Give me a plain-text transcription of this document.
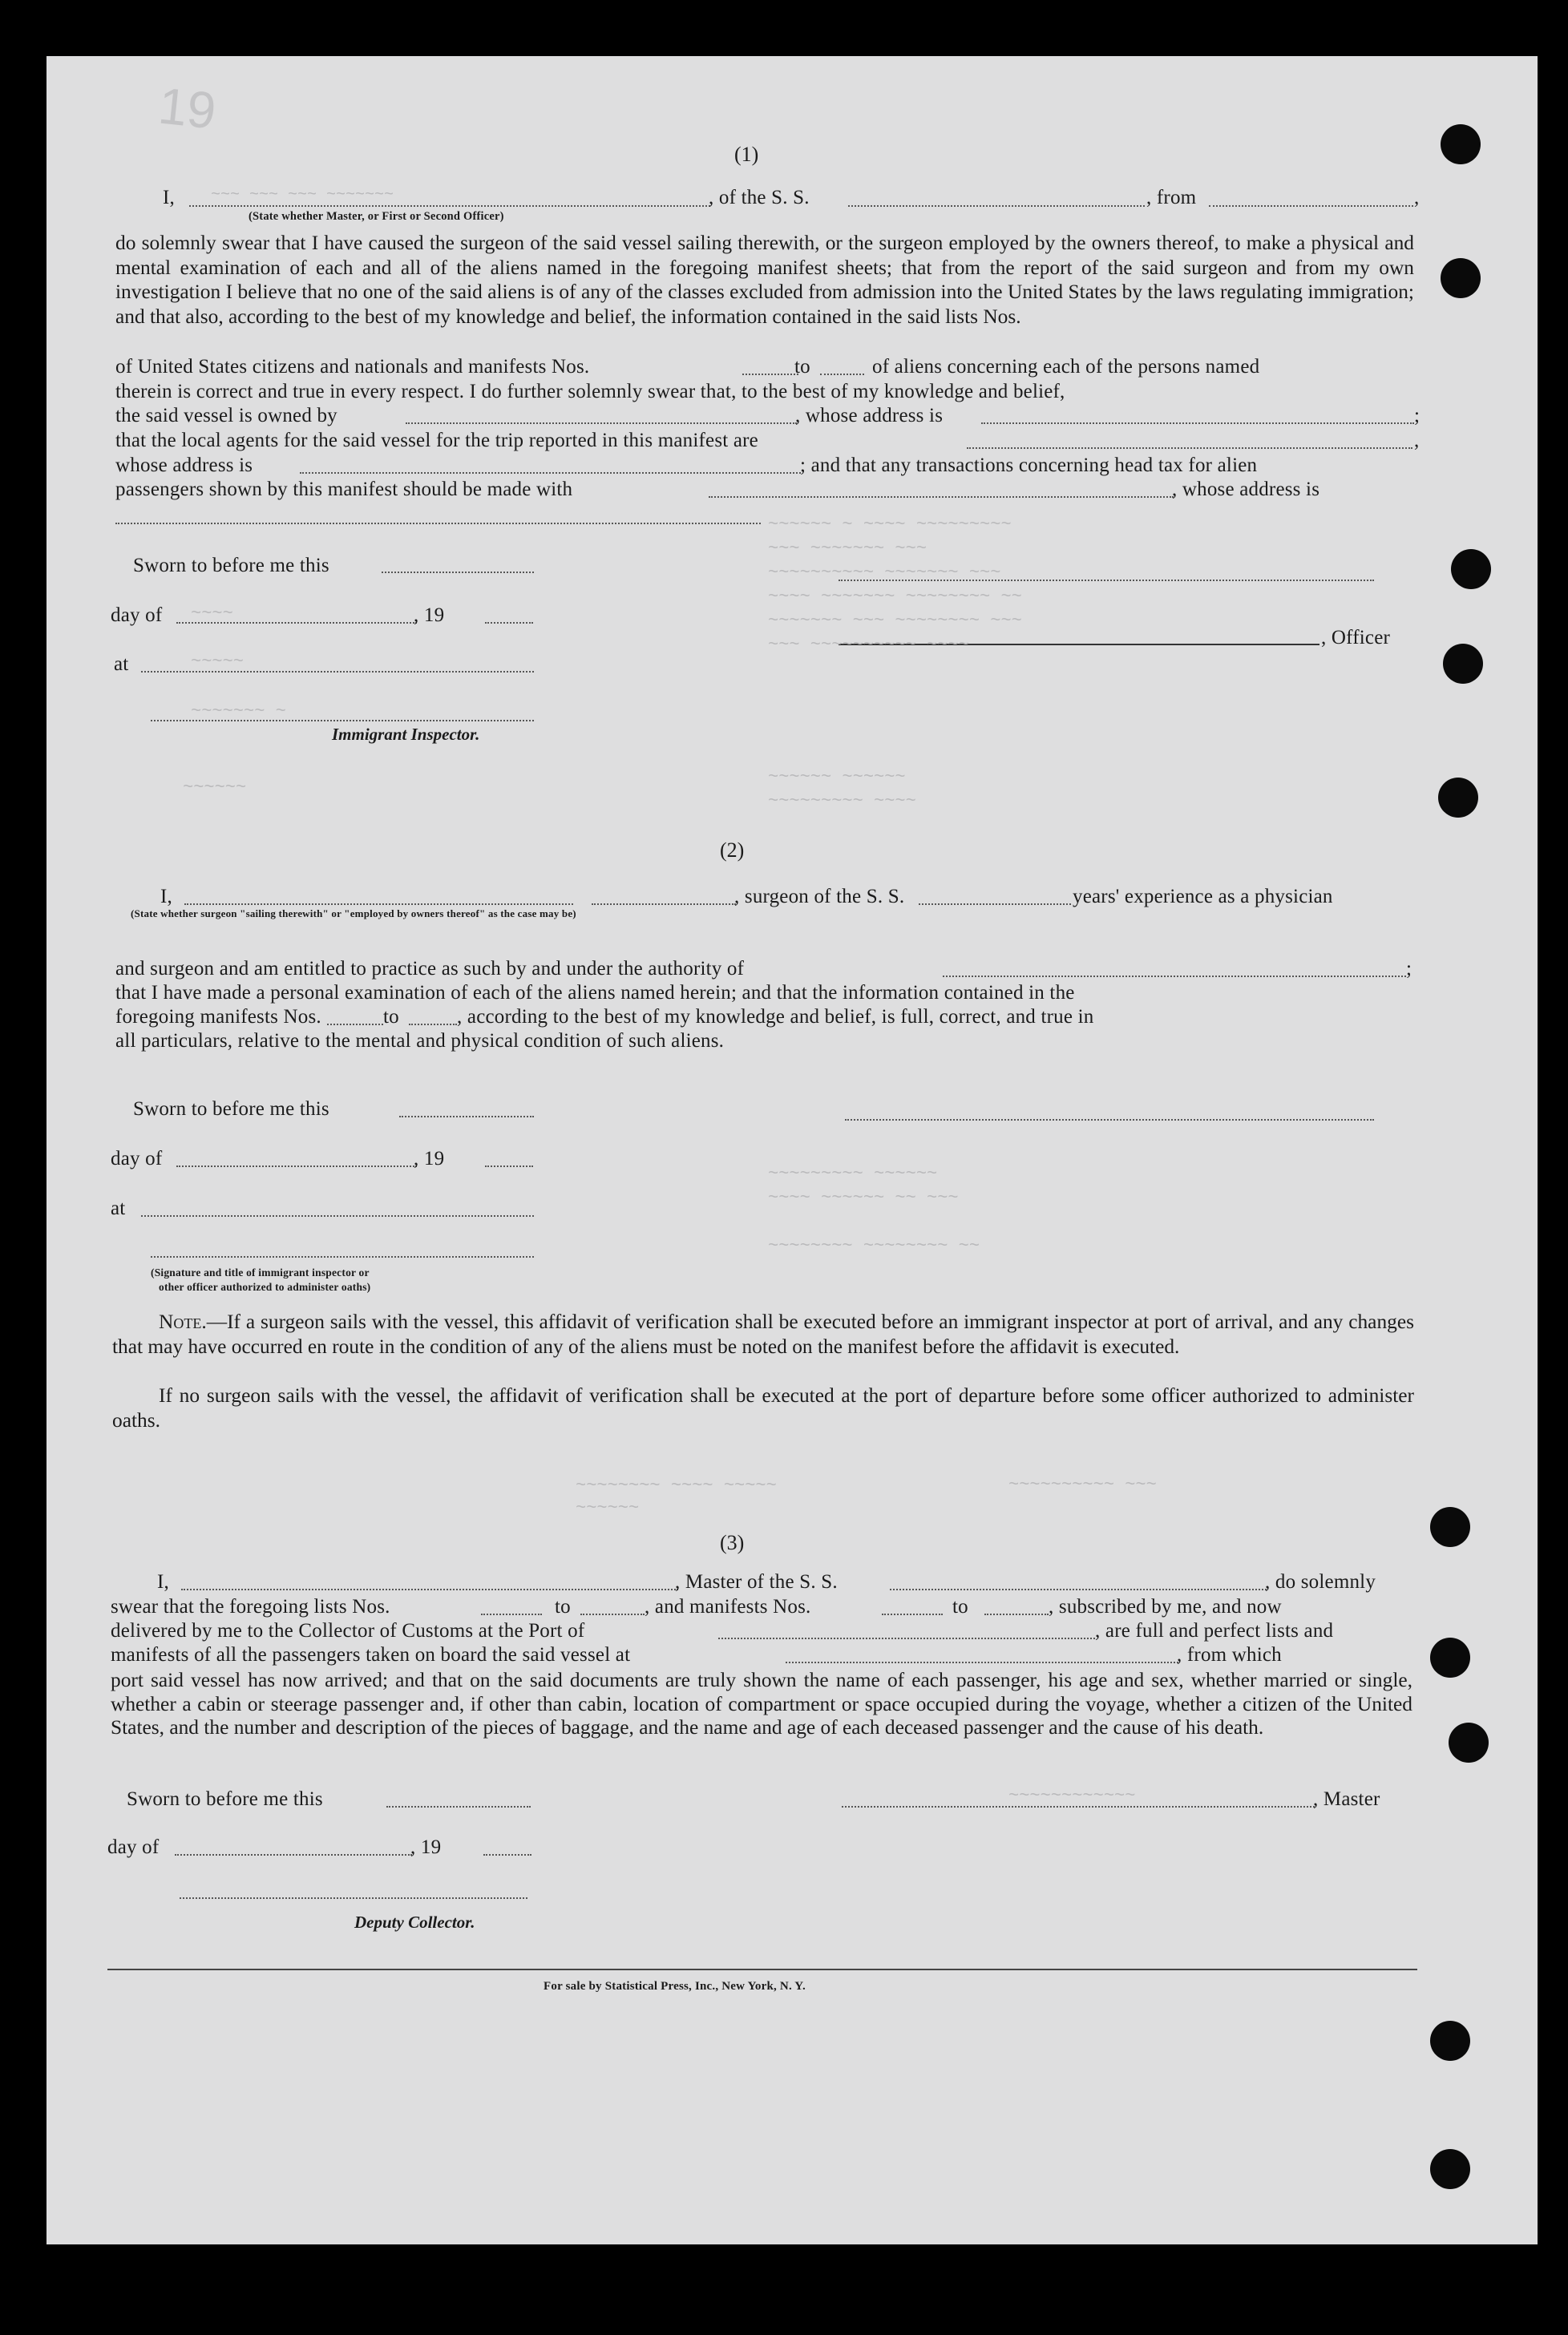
19
(1)
I, ~~~ ~~~ ~~~ ~~~~~~~	, of the S. S.	, from	,
(State whether Master, or First or Second Officer)
do solemnly swear that I have caused the surgeon of the said vessel sailing therewith, or the surgeon employed by the owners thereof, to make a physical and mental examination of each and all of the aliens named in the foregoing manifest sheets; that from the report of the said surgeon and from my own investigation I believe that no one of the said aliens is of any of the classes excluded from admission into the United States by the laws regulating immigration; and that also, according to the best of my knowledge and belief, the information contained in the said lists Nos.
of United States citizens and nationals and manifests Nos.	to	of aliens concerning each of the persons named
therein is correct and true in every respect. I do further solemnly swear that, to the best of my knowledge and belief,
the said vessel is owned by	, whose address is	;
that the local agents for the said vessel for the trip reported in this manifest are	,
whose address is	; and that any transactions concerning head tax for alien
passengers shown by this manifest should be made with	, whose address is
Sworn to before me this
day of ~~~~	, 19
at	~~~~~
, Officer
~~~~~~~ ~
Immigrant Inspector.
~~~~~~ ~ ~~~~ ~~~~~~~~~
~~~ ~~~~~~~ ~~~
~~~~~~~~~~ ~~~~~~~ ~~~
~~~~ ~~~~~~~ ~~~~~~~~ ~~
~~~~~~~ ~~~ ~~~~~~~~ ~~~
~~~ ~~~~~~~~~~ ~~~~
~~~~~~ ~~~~~~
~~~~~~~~~ ~~~~
~~~~~~
(2)
I,	, surgeon of the S. S.
(State whether surgeon "sailing therewith" or "employed by owners thereof" as the case may be)
and surgeon and am entitled to practice as such by and under the authority of	;
that I have made a personal examination of each of the aliens named herein; and that the information contained in the
foregoing manifests Nos.	to	, according to the best of my knowledge and belief, is full, correct, and true in
all particulars, relative to the mental and physical condition of such aliens.
Sworn to before me this
day of	, 19
at
(Signature and title of immigrant inspector or
other officer authorized to administer oaths)
~~~~~~~~~ ~~~~~~
~~~~ ~~~~~~ ~~ ~~~

~~~~~~~~ ~~~~~~~~ ~~
Note.—If a surgeon sails with the vessel, this affidavit of verification shall be executed before an immigrant inspector at port of arrival, and any changes that may have occurred en route in the condition of any of the aliens must be noted on the manifest before the affidavit is executed.
If no surgeon sails with the vessel, the affidavit of verification shall be executed at the port of departure before some officer authorized to administer oaths.
~~~~~~~~ ~~~~ ~~~~~
~~~~~~
~~~~~~~~~~ ~~~
(3)
I,	, Master of the S. S.	, do solemnly
swear that the foregoing lists Nos.	to	, and manifests Nos.	to	, subscribed by me, and now
delivered by me to the Collector of Customs at the Port of	, are full and perfect lists and
manifests of all the passengers taken on board the said vessel at	, from which
port said vessel has now arrived; and that on the said documents are truly shown the name of each passenger, his age and sex, whether married or single, whether a cabin or steerage passenger and, if other than cabin, location of compartment or space occupied during the voyage, whether a citizen of the United States, and the number and description of the pieces of baggage, and the name and age of each deceased passenger and the cause of his death.
Sworn to before me this	~~~~~~~~~~~~	, Master
day of	, 19
Deputy Collector.
For sale by Statistical Press, Inc., New York, N. Y.
years' experience as a physician
